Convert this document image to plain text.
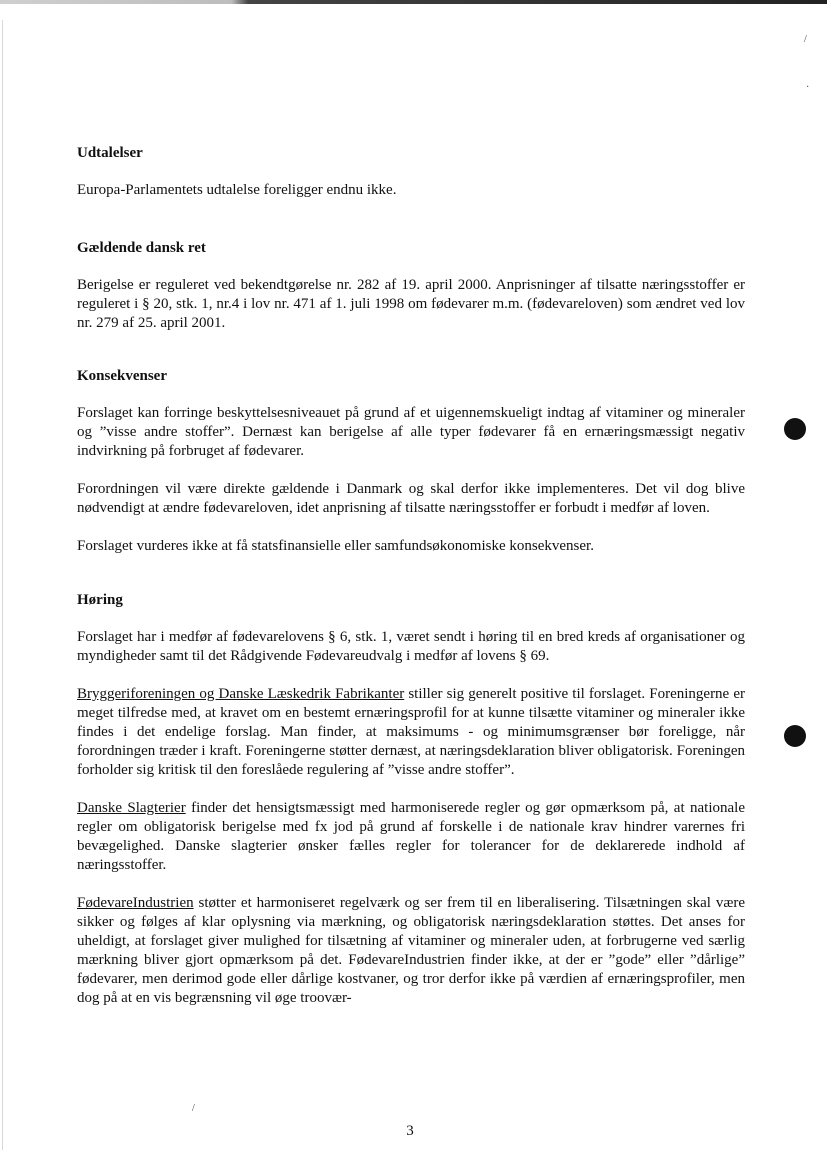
/
·
/
Udtalelser

Europa-Parlamentets udtalelse foreligger endnu ikke.

Gældende dansk ret

Berigelse er reguleret ved bekendtgørelse nr. 282 af 19. april 2000. Anprisninger af tilsatte næringsstoffer er reguleret i § 20, stk. 1, nr.4 i lov nr. 471 af 1. juli 1998 om fødevarer m.m. (fødevareloven) som ændret ved lov nr. 279 af 25. april 2001.

Konsekvenser

Forslaget kan forringe beskyttelsesniveauet på grund af et uigennemskueligt indtag af vitaminer og mineraler og ”visse andre stoffer”. Dernæst kan berigelse af alle typer fødevarer få en ernæringsmæssigt negativ indvirkning på forbruget af fødevarer.

Forordningen vil være direkte gældende i Danmark og skal derfor ikke implementeres. Det vil dog blive nødvendigt at ændre fødevareloven, idet anprisning af tilsatte næringsstoffer er forbudt i medfør af loven.

Forslaget vurderes ikke at få statsfinansielle eller samfundsøkonomiske konsekvenser.

Høring

Forslaget har i medfør af fødevarelovens § 6, stk. 1, været sendt i høring til en bred kreds af organisationer og myndigheder samt til det Rådgivende Fødevareudvalg i medfør af lovens § 69.

Bryggeriforeningen og Danske Læskedrik Fabrikanter stiller sig generelt positive til forslaget. Foreningerne er meget tilfredse med, at kravet om en bestemt ernæringsprofil for at kunne tilsætte vitaminer og mineraler ikke findes i det endelige forslag. Man finder, at maksimums - og minimumsgrænser bør foreligge, når forordningen træder i kraft. Foreningerne støtter dernæst, at næringsdeklaration bliver obligatorisk. Foreningen forholder sig kritisk til den foreslåede regulering af ”visse andre stoffer”.

Danske Slagterier finder det hensigtsmæssigt med harmoniserede regler og gør opmærksom på, at nationale regler om obligatorisk berigelse med fx jod på grund af forskelle i de nationale krav hindrer varernes fri bevægelighed. Danske slagterier ønsker fælles regler for tolerancer for de deklarerede indhold af næringsstoffer.

FødevareIndustrien støtter et harmoniseret regelværk og ser frem til en liberalisering. Tilsætningen skal være sikker og følges af klar oplysning via mærkning, og obligatorisk næringsdeklaration støttes. Det anses for uheldigt, at forslaget giver mulighed for tilsætning af vitaminer og mineraler uden, at forbrugerne ved særlig mærkning bliver gjort opmærksom på det. FødevareIndustrien finder ikke, at der er ”gode” eller ”dårlige” fødevarer, men derimod gode eller dårlige kostvaner, og tror derfor ikke på værdien af ernæringsprofiler, men dog på at en vis begrænsning vil øge troovær-

3
